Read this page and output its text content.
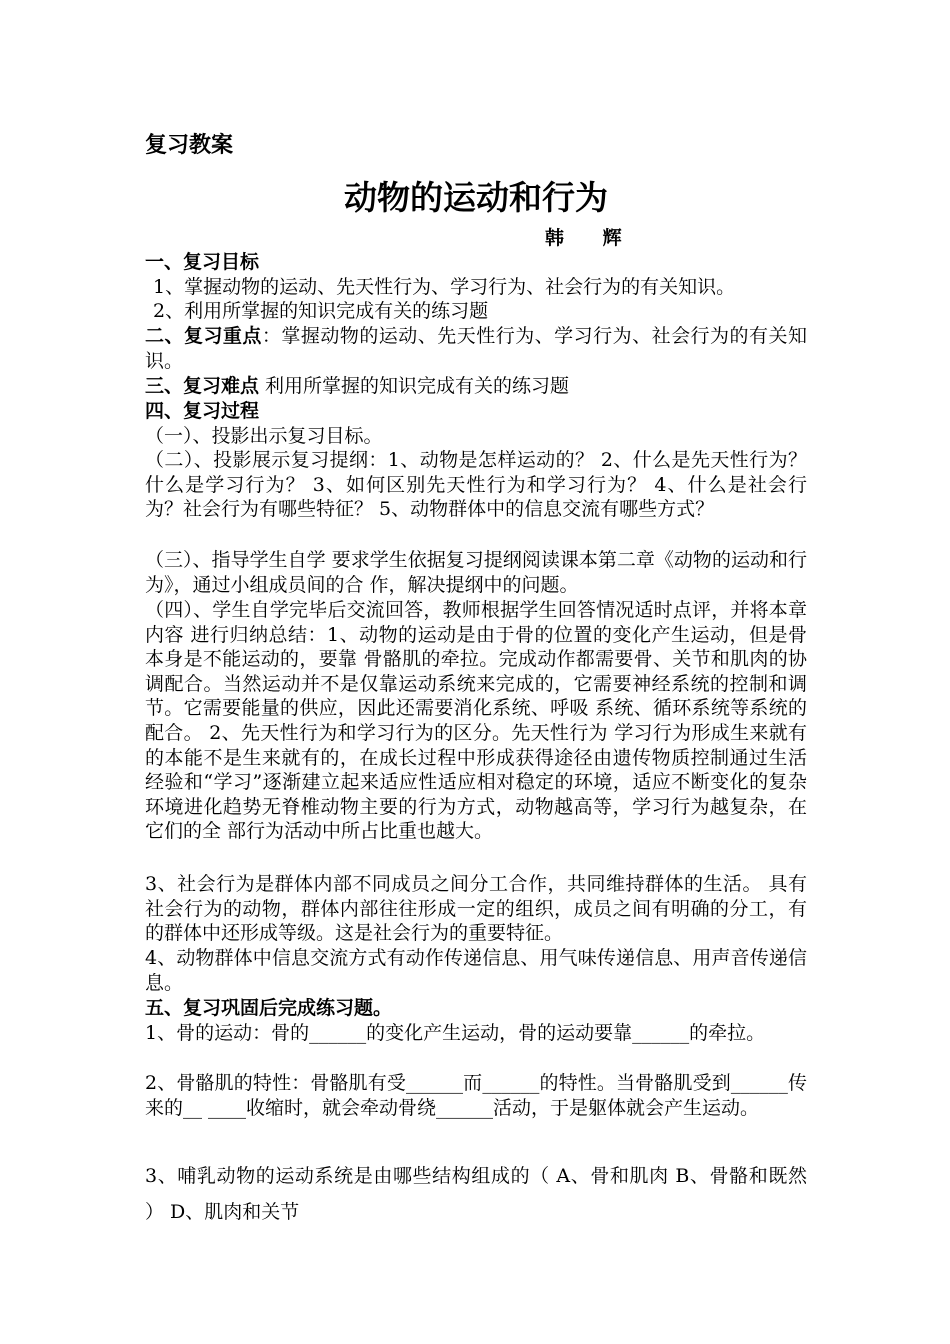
复习教案
动物的运动和行为
韩 辉
一、复习目标
1、掌握动物的运动、先天性行为、学习行为、社会行为的有关知识。
2、利用所掌握的知识完成有关的练习题
二、复习重点：掌握动物的运动、先天性行为、学习行为、社会行为的有关知识。
三、复习难点 利用所掌握的知识完成有关的练习题
四、复习过程
（一）、投影出示复习目标。
（二）、投影展示复习提纲：1、动物是怎样运动的？ 2、什么是先天性行为？什么是学习行为？ 3、如何区别先天性行为和学习行为？ 4、什么是社会行为？社会行为有哪些特征？ 5、动物群体中的信息交流有哪些方式？
（三）、指导学生自学 要求学生依据复习提纲阅读课本第二章《动物的运动和行为》，通过小组成员间的合 作，解决提纲中的问题。
（四）、学生自学完毕后交流回答，教师根据学生回答情况适时点评，并将本章内容 进行归纳总结：1、动物的运动是由于骨的位置的变化产生运动，但是骨本身是不能运动的，要靠 骨骼肌的牵拉。完成动作都需要骨、关节和肌肉的协调配合。当然运动并不是仅靠运动系统来完成的，它需要神经系统的控制和调节。它需要能量的供应，因此还需要消化系统、呼吸 系统、循环系统等系统的配合。 2、先天性行为和学习行为的区分。先天性行为 学习行为形成生来就有的本能不是生来就有的，在成长过程中形成获得途径由遗传物质控制通过生活经验和“学习”逐渐建立起来适应性适应相对稳定的环境，适应不断变化的复杂环境进化趋势无脊椎动物主要的行为方式，动物越高等，学习行为越复杂，在它们的全 部行为活动中所占比重也越大。
3、社会行为是群体内部不同成员之间分工合作，共同维持群体的生活。 具有社会行为的动物，群体内部往往形成一定的组织，成员之间有明确的分工，有 的群体中还形成等级。这是社会行为的重要特征。
4、动物群体中信息交流方式有动作传递信息、用气味传递信息、用声音传递信息。
五、复习巩固后完成练习题。
1、骨的运动：骨的______的变化产生运动，骨的运动要靠______的牵拉。
2、骨骼肌的特性：骨骼肌有受______而______的特性。当骨骼肌受到______传来的__ ____收缩时，就会牵动骨绕______活动，于是躯体就会产生运动。
3、哺乳动物的运动系统是由哪些结构组成的（ A、骨和肌肉 B、骨骼和既然 ） D、肌肉和关节
